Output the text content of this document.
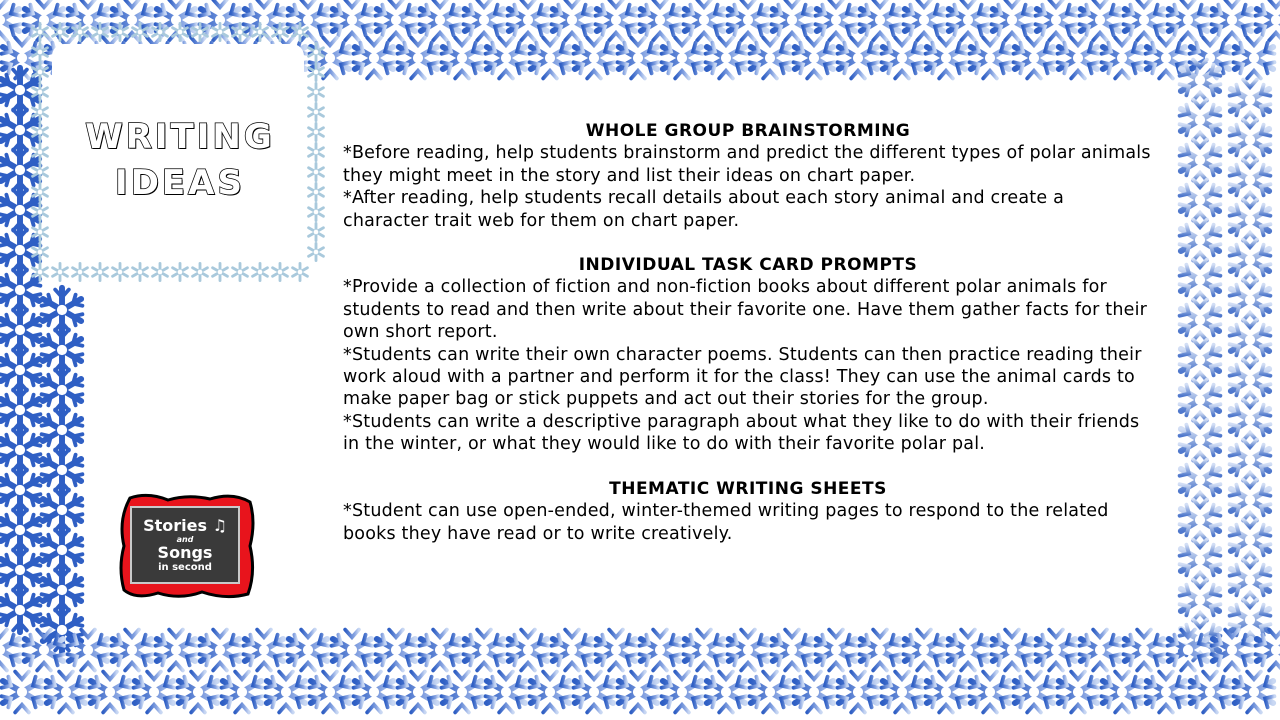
WRITING
IDEAS
WHOLE GROUP BRAINSTORMING

*Before reading, help students brainstorm and predict the different types of polar animals they might meet in the story and list their ideas on chart paper.

*After reading, help students recall details about each story animal and create a character trait web for them on chart paper.

INDIVIDUAL TASK CARD PROMPTS

*Provide a collection of fiction and non-fiction books about different polar animals for students to read and then write about their favorite one. Have them gather facts for their own short report.

*Students can write their own character poems. Students can then practice reading their work aloud with a partner and perform it for the class! They can use the animal cards to make paper bag or stick puppets and act out their stories for the group.

*Students can write a descriptive paragraph about what they like to do with their friends in the winter, or what they would like to do with their favorite polar pal.

THEMATIC WRITING SHEETS

*Student can use open-ended, winter-themed writing pages to respond to the related books they have read or to write creatively.

Stories ♫
and
Songs
in second
